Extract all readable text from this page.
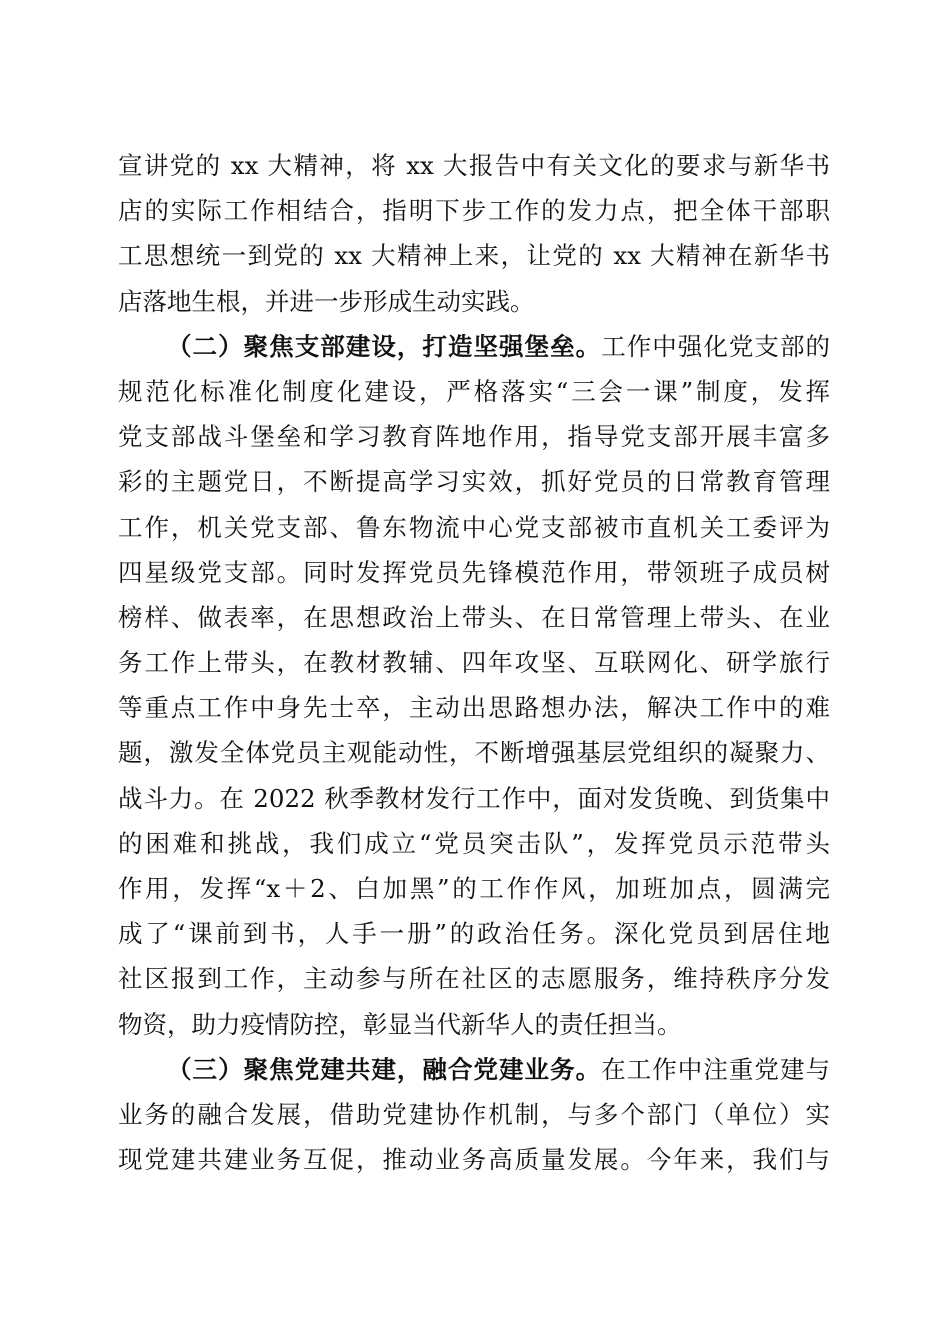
宣讲党的 xx 大精神，将 xx 大报告中有关文化的要求与新华书
店的实际工作相结合，指明下步工作的发力点，把全体干部职
工思想统一到党的 xx 大精神上来，让党的 xx 大精神在新华书
店落地生根，并进一步形成生动实践。
（二）聚焦支部建设，打造坚强堡垒。工作中强化党支部的
规范化标准化制度化建设，严格落实“三会一课”制度，发挥
党支部战斗堡垒和学习教育阵地作用，指导党支部开展丰富多
彩的主题党日，不断提高学习实效，抓好党员的日常教育管理
工作，机关党支部、鲁东物流中心党支部被市直机关工委评为
四星级党支部。同时发挥党员先锋模范作用，带领班子成员树
榜样、做表率，在思想政治上带头、在日常管理上带头、在业
务工作上带头，在教材教辅、四年攻坚、互联网化、研学旅行
等重点工作中身先士卒，主动出思路想办法，解决工作中的难
题，激发全体党员主观能动性，不断增强基层党组织的凝聚力、
战斗力。在 2022 秋季教材发行工作中，面对发货晚、到货集中
的困难和挑战，我们成立“党员突击队”，发挥党员示范带头
作用，发挥“x＋2、白加黑”的工作作风，加班加点，圆满完
成了“课前到书，人手一册”的政治任务。深化党员到居住地
社区报到工作，主动参与所在社区的志愿服务，维持秩序分发
物资，助力疫情防控，彰显当代新华人的责任担当。
（三）聚焦党建共建，融合党建业务。在工作中注重党建与
业务的融合发展，借助党建协作机制，与多个部门（单位）实
现党建共建业务互促，推动业务高质量发展。今年来，我们与
